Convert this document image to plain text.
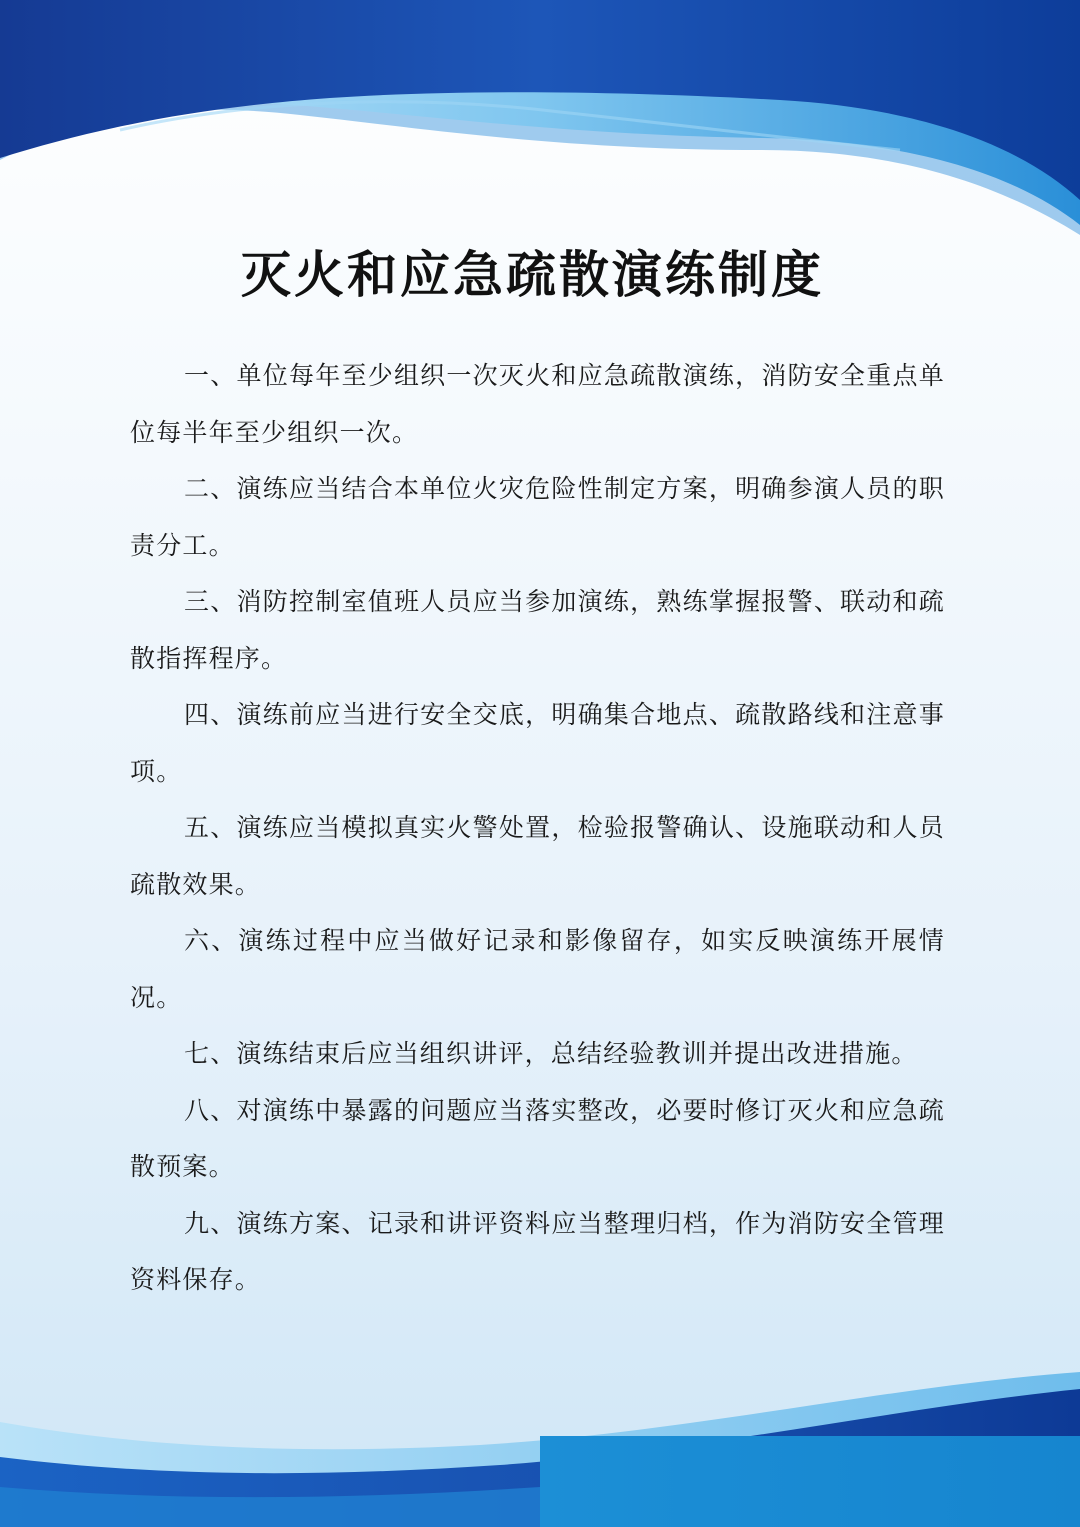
灭火和应急疏散演练制度

一、单位每年至少组织一次灭火和应急疏散演练，消防安全重点单位每半年至少组织一次。

二、演练应当结合本单位火灾危险性制定方案，明确参演人员的职责分工。

三、消防控制室值班人员应当参加演练，熟练掌握报警、联动和疏散指挥程序。

四、演练前应当进行安全交底，明确集合地点、疏散路线和注意事项。

五、演练应当模拟真实火警处置，检验报警确认、设施联动和人员疏散效果。

六、演练过程中应当做好记录和影像留存，如实反映演练开展情况。

七、演练结束后应当组织讲评，总结经验教训并提出改进措施。

八、对演练中暴露的问题应当落实整改，必要时修订灭火和应急疏散预案。

九、演练方案、记录和讲评资料应当整理归档，作为消防安全管理资料保存。
